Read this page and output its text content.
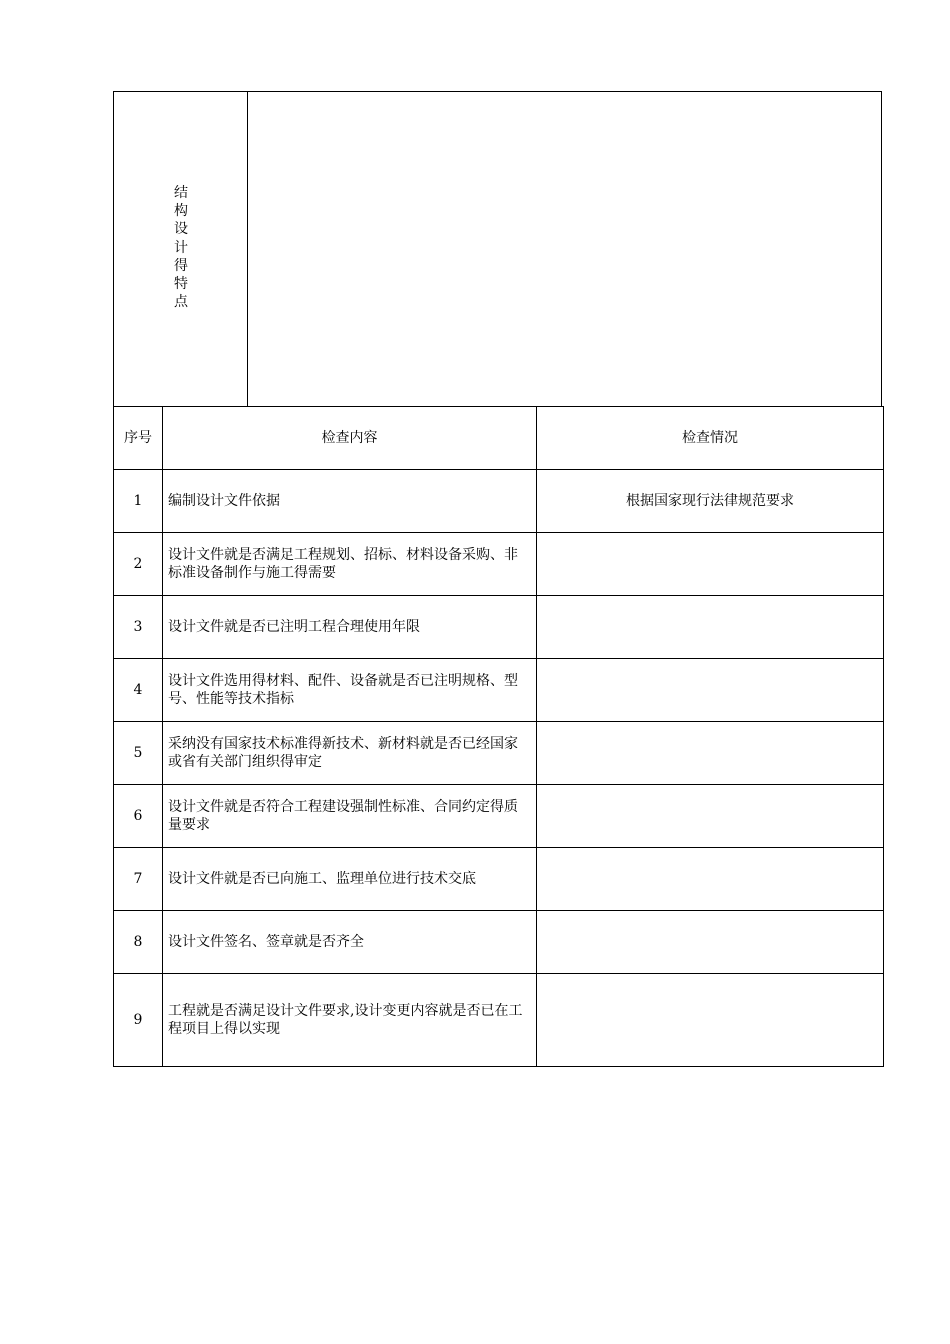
结
构
设
计
得
特
点
序号	检查内容	检查情况
1	编制设计文件依据	根据国家现行法律规范要求
2	设计文件就是否满足工程规划、招标、材料设备采购、非标准设备制作与施工得需要	
3	设计文件就是否已注明工程合理使用年限	
4	设计文件选用得材料、配件、设备就是否已注明规格、型号、性能等技术指标	
5	采纳没有国家技术标准得新技术、新材料就是否已经国家或省有关部门组织得审定	
6	设计文件就是否符合工程建设强制性标准、合同约定得质量要求	
7	设计文件就是否已向施工、监理单位进行技术交底	
8	设计文件签名、签章就是否齐全	
9	工程就是否满足设计文件要求,设计变更内容就是否已在工程项目上得以实现	
